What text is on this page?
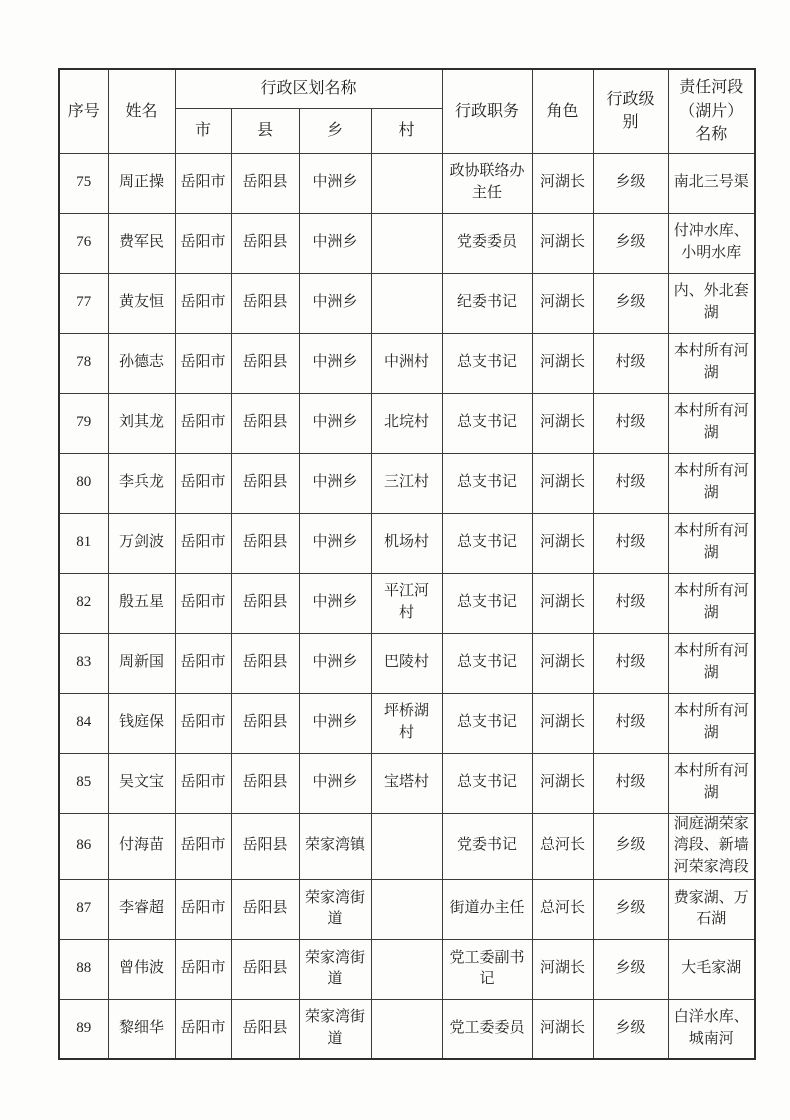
序号	姓名	行政区划名称				行政职务	角色	行政级别	责任河段（湖片）名称
		市	县	乡	村				
75	周正操	岳阳市	岳阳县	中洲乡		政协联络办主任	河湖长	乡级	南北三号渠
76	费军民	岳阳市	岳阳县	中洲乡		党委委员	河湖长	乡级	付冲水库、小明水库
77	黄友恒	岳阳市	岳阳县	中洲乡		纪委书记	河湖长	乡级	内、外北套湖
78	孙德志	岳阳市	岳阳县	中洲乡	中洲村	总支书记	河湖长	村级	本村所有河湖
79	刘其龙	岳阳市	岳阳县	中洲乡	北垸村	总支书记	河湖长	村级	本村所有河湖
80	李兵龙	岳阳市	岳阳县	中洲乡	三江村	总支书记	河湖长	村级	本村所有河湖
81	万剑波	岳阳市	岳阳县	中洲乡	机场村	总支书记	河湖长	村级	本村所有河湖
82	殷五星	岳阳市	岳阳县	中洲乡	平江河村	总支书记	河湖长	村级	本村所有河湖
83	周新国	岳阳市	岳阳县	中洲乡	巴陵村	总支书记	河湖长	村级	本村所有河湖
84	钱庭保	岳阳市	岳阳县	中洲乡	坪桥湖村	总支书记	河湖长	村级	本村所有河湖
85	吴文宝	岳阳市	岳阳县	中洲乡	宝塔村	总支书记	河湖长	村级	本村所有河湖
86	付海苗	岳阳市	岳阳县	荣家湾镇		党委书记	总河长	乡级	洞庭湖荣家湾段、新墙河荣家湾段
87	李睿超	岳阳市	岳阳县	荣家湾街道		街道办主任	总河长	乡级	费家湖、万石湖
88	曾伟波	岳阳市	岳阳县	荣家湾街道		党工委副书记	河湖长	乡级	大毛家湖
89	黎细华	岳阳市	岳阳县	荣家湾街道		党工委委员	河湖长	乡级	白洋水库、城南河
